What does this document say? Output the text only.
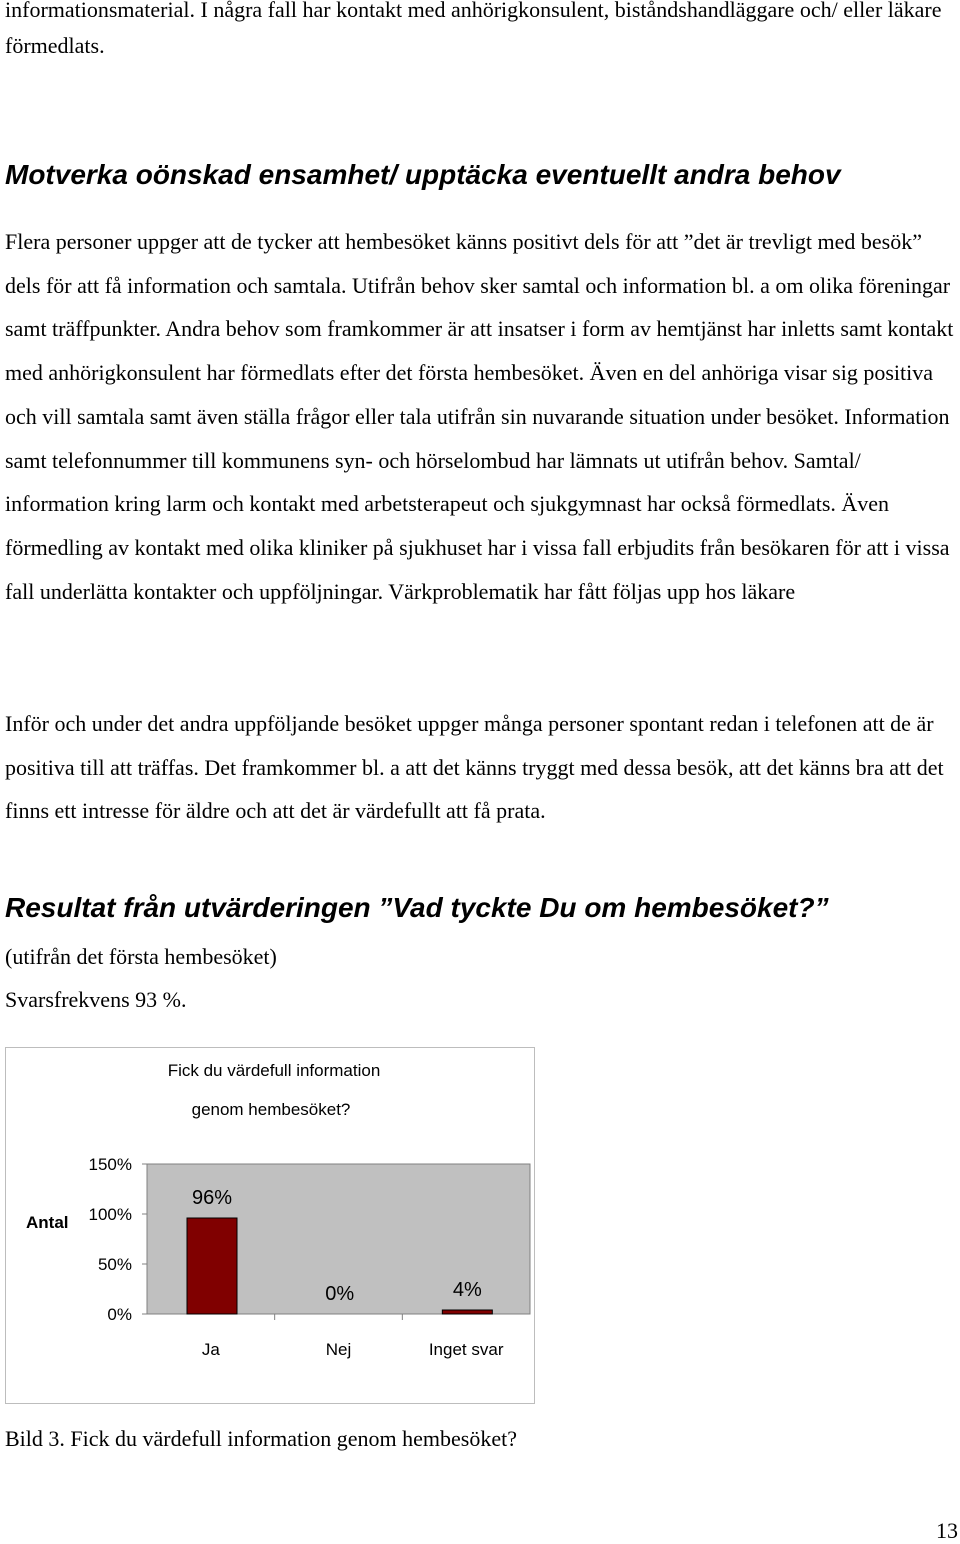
informationsmaterial. I några fall har kontakt med anhörigkonsulent, biståndshandläggare och/ eller läkare förmedlats.

Motverka oönskad ensamhet/ upptäcka eventuellt andra behov

Flera personer uppger att de tycker att hembesöket känns positivt dels för att ”det är trevligt med besök” dels för att få information och samtala. Utifrån behov sker samtal och information bl. a om olika föreningar samt träffpunkter. Andra behov som framkommer är att insatser i form av hemtjänst har inletts samt kontakt med anhörigkonsulent har förmedlats efter det första hembesöket. Även en del anhöriga visar sig positiva och vill samtala samt även ställa frågor eller tala utifrån sin nuvarande situation under besöket. Information samt telefonnummer till kommunens syn- och hörselombud har lämnats ut utifrån behov. Samtal/ information kring larm och kontakt med arbetsterapeut och sjukgymnast har också förmedlats. Även förmedling av kontakt med olika kliniker på sjukhuset har i vissa fall erbjudits från besökaren för att i vissa fall underlätta kontakter och uppföljningar. Värkproblematik har fått följas upp hos läkare

Inför och under det andra uppföljande besöket uppger många personer spontant redan i telefonen att de är positiva till att träffas. Det framkommer bl. a att det känns tryggt med dessa besök, att det känns bra att det finns ett intresse för äldre och att det är värdefullt att få prata.

Resultat från utvärderingen ”Vad tyckte Du om hembesöket?”

(utifrån det första hembesöket)

Svarsfrekvens 93 %.

Fick du värdefull information
genom hembesöket?
Antal
0%
50%
100%
150%
96%
Ja
0%
Nej
4%
Inget svar

Bild 3. Fick du värdefull information genom hembesöket?

13
